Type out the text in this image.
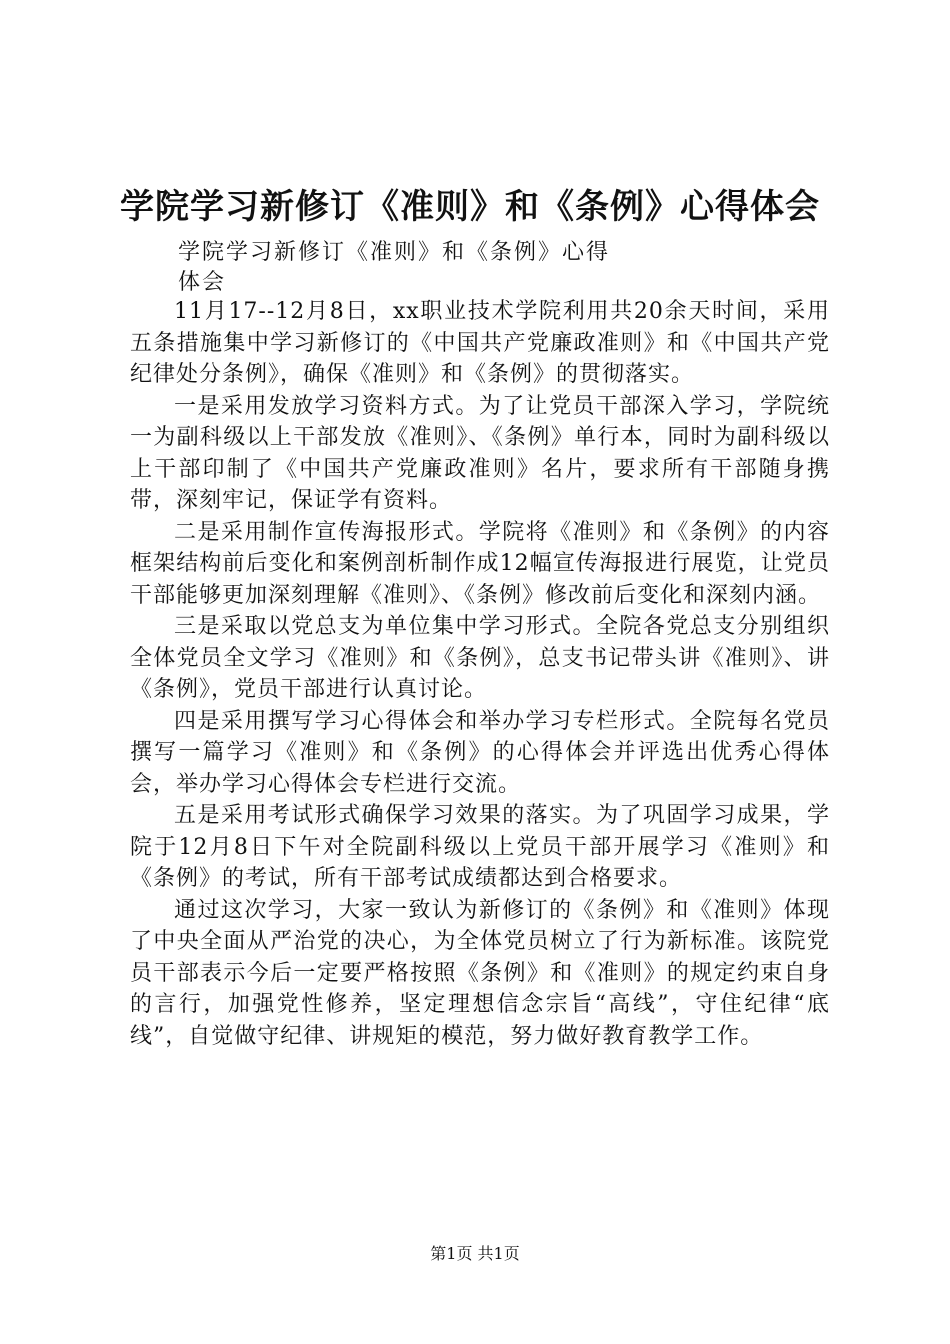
学院学习新修订《准则》和《条例》心得体会

学院学习新修订《准则》和《条例》心得体会

11月17--12月8日，xx职业技术学院利用共20余天时间，采用五条措施集中学习新修订的《中国共产党廉政准则》和《中国共产党纪律处分条例》，确保《准则》和《条例》的贯彻落实。

一是采用发放学习资料方式。为了让党员干部深入学习，学院统一为副科级以上干部发放《准则》、《条例》单行本，同时为副科级以上干部印制了《中国共产党廉政准则》名片，要求所有干部随身携带，深刻牢记，保证学有资料。

二是采用制作宣传海报形式。学院将《准则》和《条例》的内容框架结构前后变化和案例剖析制作成12幅宣传海报进行展览，让党员干部能够更加深刻理解《准则》、《条例》修改前后变化和深刻内涵。

三是采取以党总支为单位集中学习形式。全院各党总支分别组织全体党员全文学习《准则》和《条例》，总支书记带头讲《准则》、讲《条例》，党员干部进行认真讨论。

四是采用撰写学习心得体会和举办学习专栏形式。全院每名党员撰写一篇学习《准则》和《条例》的心得体会并评选出优秀心得体会，举办学习心得体会专栏进行交流。

五是采用考试形式确保学习效果的落实。为了巩固学习成果，学院于12月8日下午对全院副科级以上党员干部开展学习《准则》和《条例》的考试，所有干部考试成绩都达到合格要求。

通过这次学习，大家一致认为新修订的《条例》和《准则》体现了中央全面从严治党的决心，为全体党员树立了行为新标准。该院党员干部表示今后一定要严格按照《条例》和《准则》的规定约束自身的言行，加强党性修养，坚定理想信念宗旨“高线”，守住纪律“底线”，自觉做守纪律、讲规矩的模范，努力做好教育教学工作。

第1页 共1页
